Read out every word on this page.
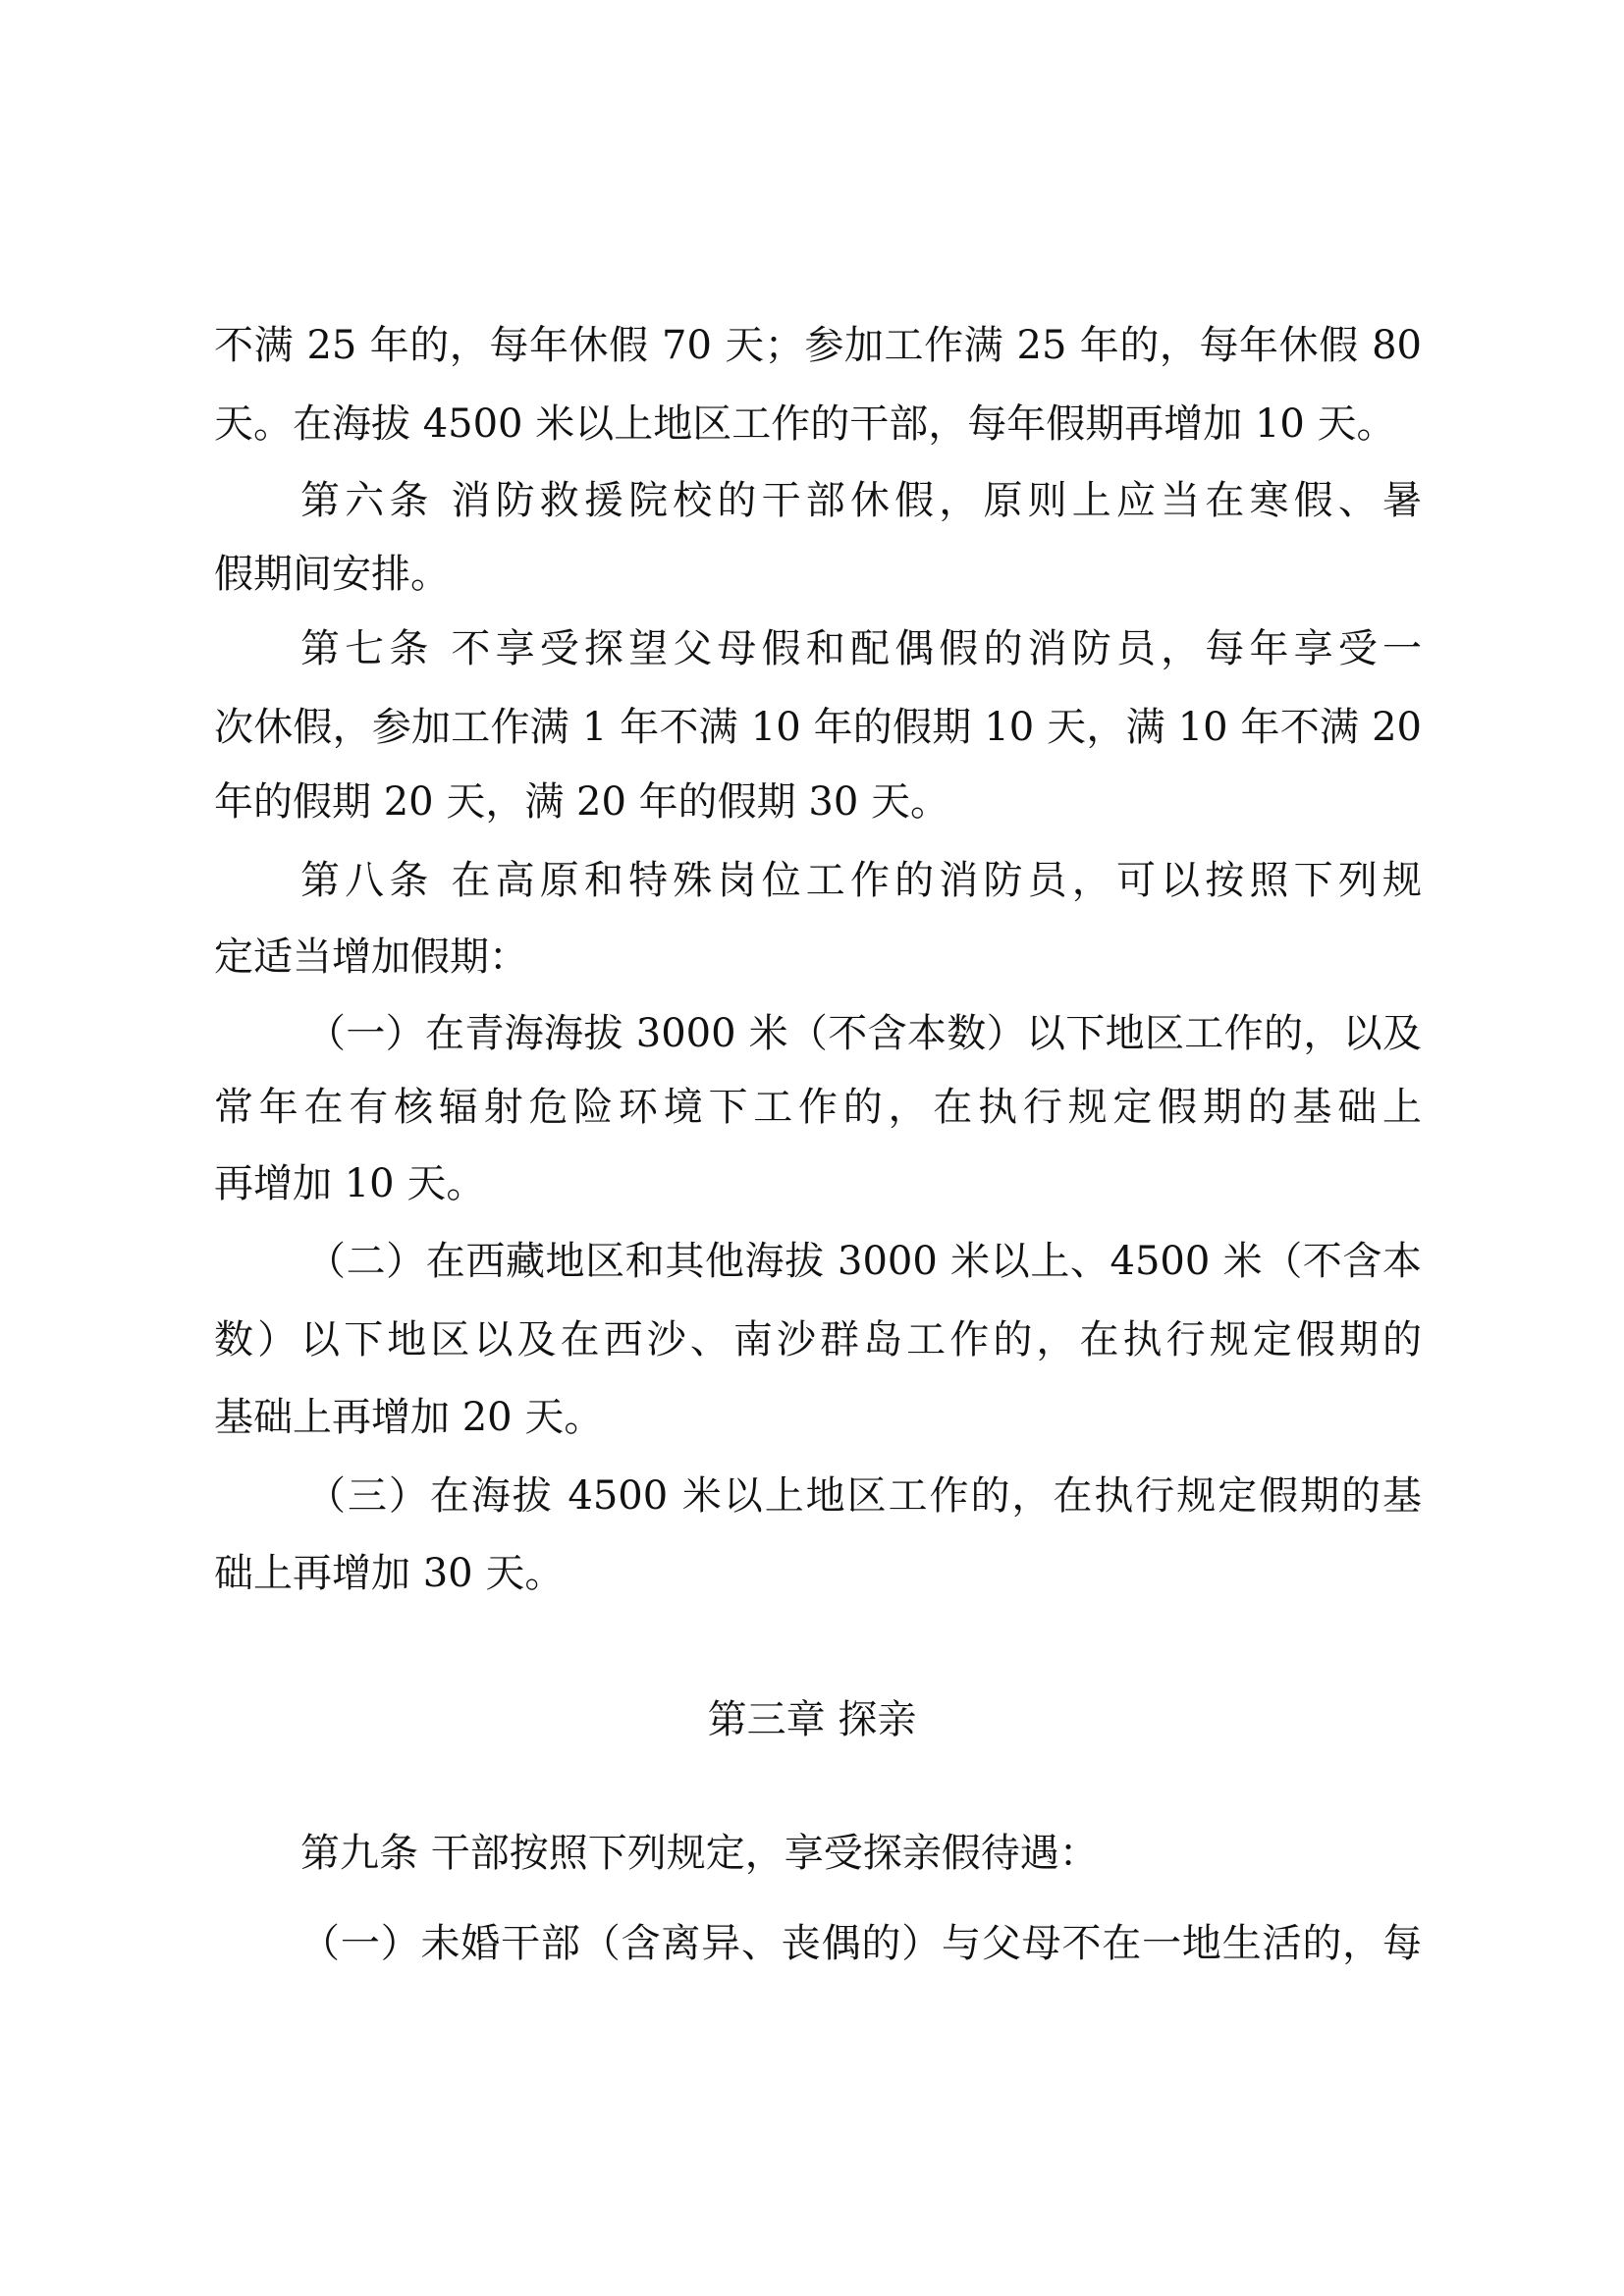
不满 25 年的，每年休假 70 天；参加工作满 25 年的，每年休假 80
天。在海拔 4500 米以上地区工作的干部，每年假期再增加 10 天。
第六条 消防救援院校的干部休假，原则上应当在寒假、暑
假期间安排。
第七条 不享受探望父母假和配偶假的消防员，每年享受一
次休假，参加工作满 1 年不满 10 年的假期 10 天，满 10 年不满 20
年的假期 20 天，满 20 年的假期 30 天。
第八条 在高原和特殊岗位工作的消防员，可以按照下列规
定适当增加假期：
（一）在青海海拔 3000 米（不含本数）以下地区工作的，以及
常年在有核辐射危险环境下工作的，在执行规定假期的基础上
再增加 10 天。
（二）在西藏地区和其他海拔 3000 米以上、4500 米（不含本
数）以下地区以及在西沙、南沙群岛工作的，在执行规定假期的
基础上再增加 20 天。
（三）在海拔 4500 米以上地区工作的，在执行规定假期的基
础上再增加 30 天。
第三章 探亲
第九条 干部按照下列规定，享受探亲假待遇：
（一）未婚干部（含离异、丧偶的）与父母不在一地生活的，每
